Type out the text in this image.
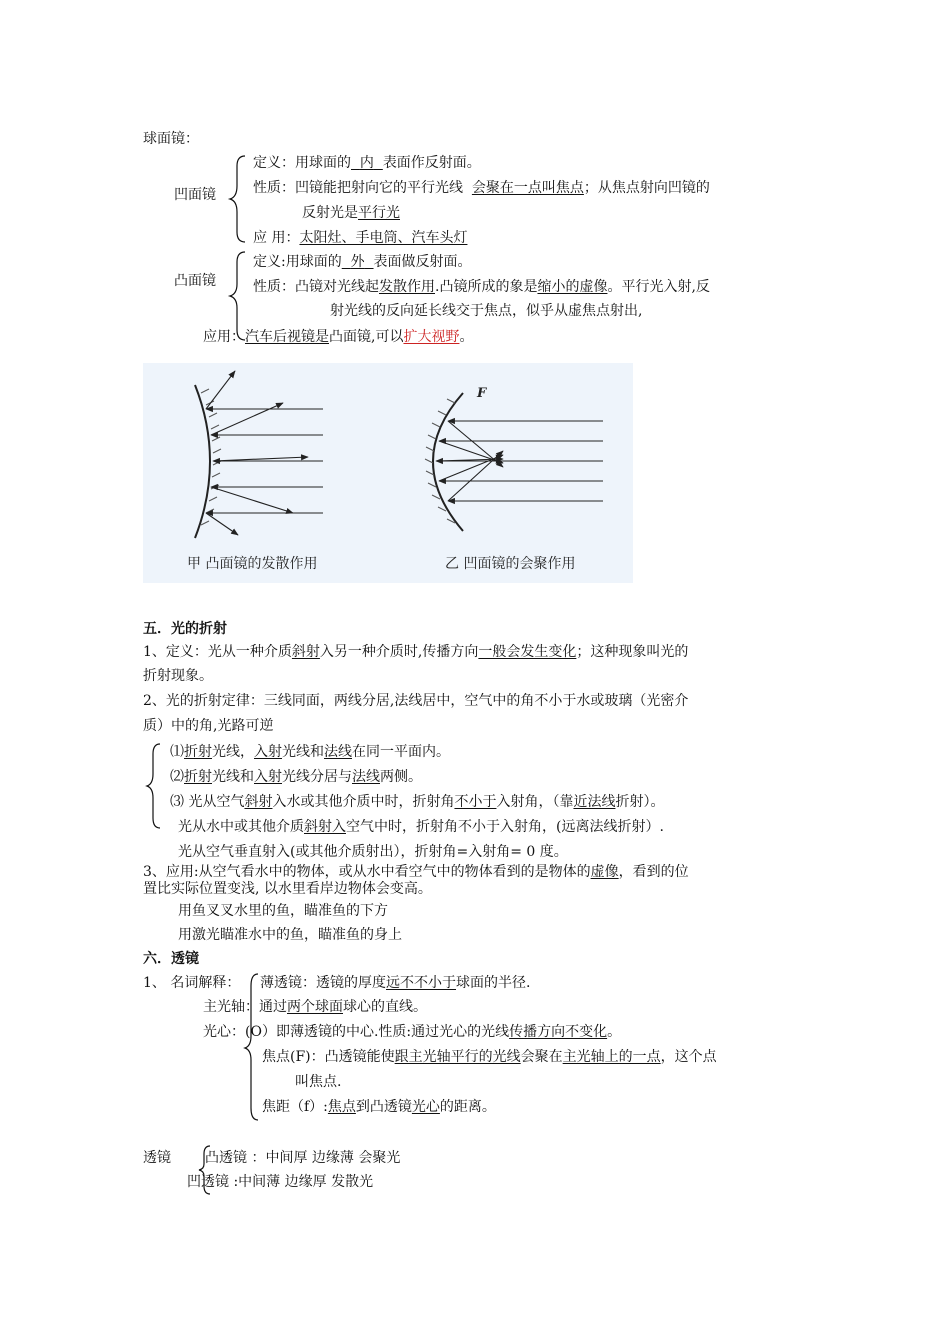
球面镜：
凹面镜
定义：用球面的 内 表面作反射面。
性质：凹镜能把射向它的平行光线 会聚在一点叫焦点；从焦点射向凹镜的
反射光是平行光
应 用：太阳灶、手电筒、汽车头灯
凸面镜
定义:用球面的 外 表面做反射面。
性质：凸镜对光线起发散作用.凸镜所成的象是缩小的虚像。平行光入射,反
射光线的反向延长线交于焦点，似乎从虚焦点射出,
应用：汽车后视镜是凸面镜,可以扩大视野。
F
甲 凸面镜的发散作用	乙 凹面镜的会聚作用
五．光的折射
1、定义：光从一种介质斜射入另一种介质时,传播方向一般会发生变化；这种现象叫光的
折射现象。
2、光的折射定律：三线同面，两线分居,法线居中，空气中的角不小于水或玻璃（光密介
质）中的角,光路可逆
⑴折射光线，入射光线和法线在同一平面内。
⑵折射光线和入射光线分居与法线两侧。
⑶ 光从空气斜射入水或其他介质中时，折射角不小于入射角，（靠近法线折射）。
光从水中或其他介质斜射入空气中时，折射角不小于入射角，(远离法线折射）.
光从空气垂直射入(或其他介质射出），折射角=入射角= 0 度。
3、应用:从空气看水中的物体，或从水中看空气中的物体看到的是物体的虚像，看到的位
置比实际位置变浅, 以水里看岸边物体会变高。
用鱼叉叉水里的鱼，瞄准鱼的下方
用激光瞄准水中的鱼，瞄准鱼的身上
六．透镜
1、 名词解释： 薄透镜：透镜的厚度远不不小于球面的半径.
主光轴：通过两个球面球心的直线。
光心：(O）即薄透镜的中心.性质:通过光心的光线传播方向不变化。
焦点(F)：凸透镜能使跟主光轴平行的光线会聚在主光轴上的一点，这个点
叫焦点.
焦距（f）:焦点到凸透镜光心的距离。
透镜 凸透镜 ：中间厚 边缘薄 会聚光
凹透镜 :中间薄 边缘厚 发散光
